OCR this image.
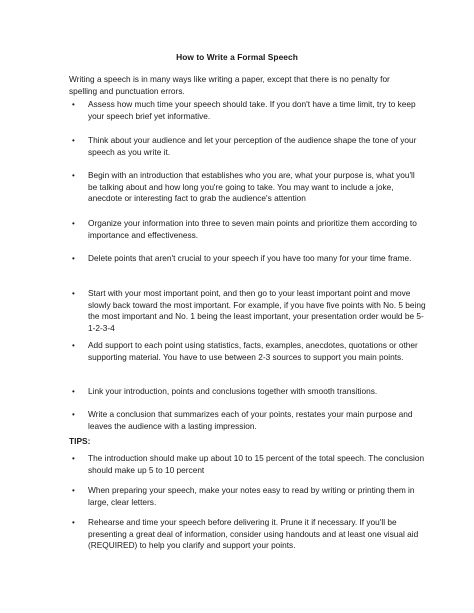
How to Write a Formal Speech

Writing a speech is in many ways like writing a paper, except that there is no penalty for spelling and punctuation errors.

•	Assess how much time your speech should take. If you don't have a time limit, try to keep your speech brief yet informative.
•	Think about your audience and let your perception of the audience shape the tone of your speech as you write it.
•	Begin with an introduction that establishes who you are, what your purpose is, what you'll be talking about and how long you're going to take. You may want to include a joke, anecdote or interesting fact to grab the audience's attention
•	Organize your information into three to seven main points and prioritize them according to importance and effectiveness.
•	Delete points that aren't crucial to your speech if you have too many for your time frame.
•	Start with your most important point, and then go to your least important point and move slowly back toward the most important. For example, if you have five points with No. 5 being the most important and No. 1 being the least important, your presentation order would be 5-1-2-3-4
•	Add support to each point using statistics, facts, examples, anecdotes, quotations or other supporting material. You have to use between 2-3 sources to support you main points.
•	Link your introduction, points and conclusions together with smooth transitions.
•	Write a conclusion that summarizes each of your points, restates your main purpose and leaves the audience with a lasting impression.
TIPS:
•	The introduction should make up about 10 to 15 percent of the total speech. The conclusion should make up 5 to 10 percent
•	When preparing your speech, make your notes easy to read by writing or printing them in large, clear letters.
•	Rehearse and time your speech before delivering it. Prune it if necessary. If you'll be presenting a great deal of information, consider using handouts and at least one visual aid (REQUIRED) to help you clarify and support your points.
